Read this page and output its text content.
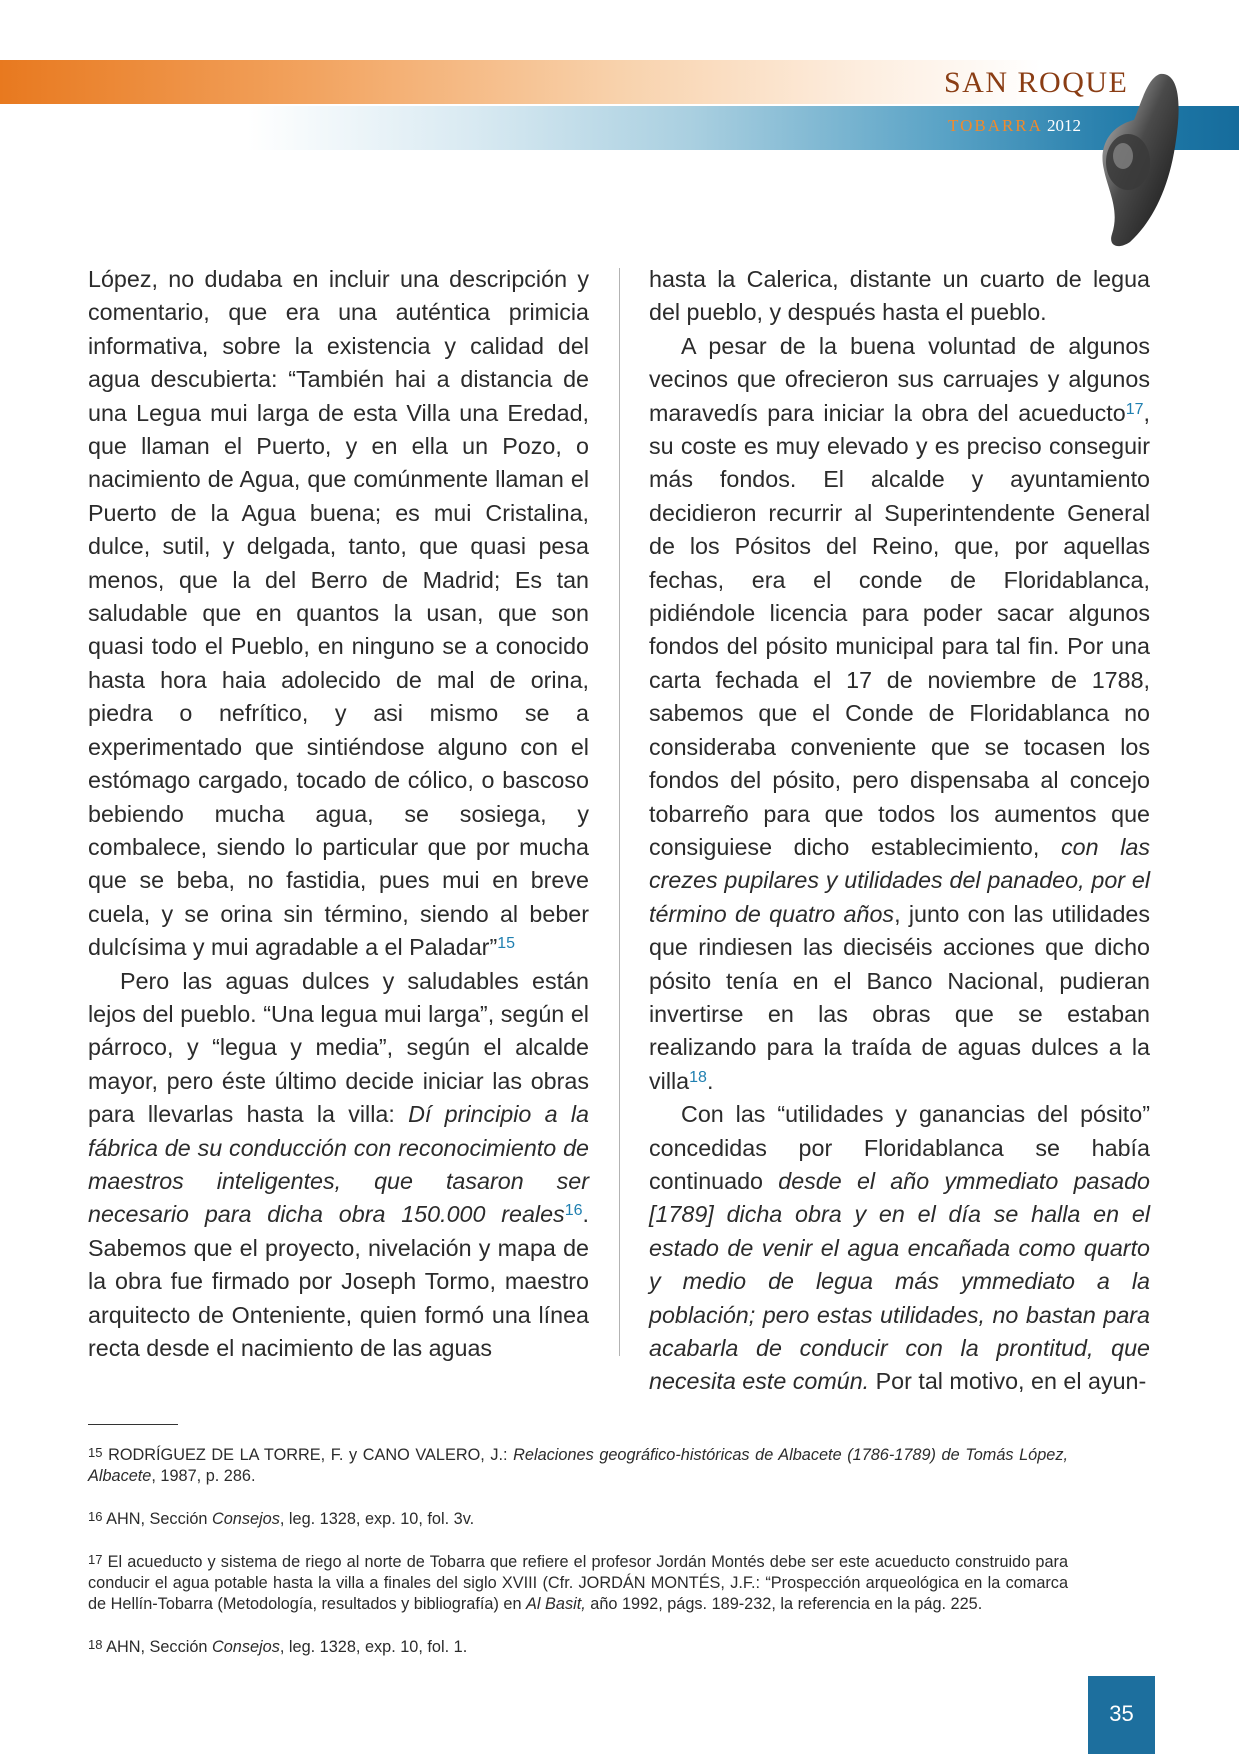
SAN ROQUE
TOBARRA 2012

López, no dudaba en incluir una descripción y comentario, que era una auténtica primicia informativa, sobre la existencia y calidad del agua descubierta: “También hai a distancia de una Legua mui larga de esta Villa una Eredad, que llaman el Puerto, y en ella un Pozo, o nacimiento de Agua, que comúnmente llaman el Puerto de la Agua buena; es mui Cristalina, dulce, sutil, y delgada, tanto, que quasi pesa menos, que la del Berro de Madrid; Es tan saludable que en quantos la usan, que son quasi todo el Pueblo, en ninguno se a conocido hasta hora haia adolecido de mal de orina, piedra o nefrítico, y asi mismo se a experimentado que sintiéndose alguno con el estómago cargado, tocado de cólico, o bascoso bebiendo mucha agua, se sosiega, y combalece, siendo lo particular que por mucha que se beba, no fastidia, pues mui en breve cuela, y se orina sin término, siendo al beber dulcísima y mui agradable a el Paladar”$^{15}$

Pero las aguas dulces y saludables están lejos del pueblo. “Una legua mui larga”, según el párroco, y “legua y media”, según el alcalde mayor, pero éste último decide iniciar las obras para llevarlas hasta la villa: Dí principio a la fábrica de su conducción con reconocimiento de maestros inteligentes, que tasaron ser necesario para dicha obra 150.000 reales$^{16}$. Sabemos que el proyecto, nivelación y mapa de la obra fue firmado por Joseph Tormo, maestro arquitecto de Onteniente, quien formó una línea recta desde el nacimiento de las aguas

hasta la Calerica, distante un cuarto de legua del pueblo, y después hasta el pueblo.

A pesar de la buena voluntad de algunos vecinos que ofrecieron sus carruajes y algunos maravedís para iniciar la obra del acueducto$^{17}$, su coste es muy elevado y es preciso conseguir más fondos. El alcalde y ayuntamiento decidieron recurrir al Superintendente General de los Pósitos del Reino, que, por aquellas fechas, era el conde de Floridablanca, pidiéndole licencia para poder sacar algunos fondos del pósito municipal para tal fin. Por una carta fechada el 17 de noviembre de 1788, sabemos que el Conde de Floridablanca no consideraba conveniente que se tocasen los fondos del pósito, pero dispensaba al concejo tobarreño para que todos los aumentos que consiguiese dicho establecimiento, con las crezes pupilares y utilidades del panadeo, por el término de quatro años, junto con las utilidades que rindiesen las dieciséis acciones que dicho pósito tenía en el Banco Nacional, pudieran invertirse en las obras que se estaban realizando para la traída de aguas dulces a la villa$^{18}$.

Con las “utilidades y ganancias del pósito” concedidas por Floridablanca se había continuado desde el año ymmediato pasado [1789] dicha obra y en el día se halla en el estado de venir el agua encañada como quarto y medio de legua más ymmediato a la población; pero estas utilidades, no bastan para acabarla de conducir con la prontitud, que necesita este común. Por tal motivo, en el ayun-

15 RODRÍGUEZ DE LA TORRE, F. y CANO VALERO, J.: Relaciones geográfico-históricas de Albacete (1786-1789) de Tomás López, Albacete, 1987, p. 286.

16 AHN, Sección Consejos, leg. 1328, exp. 10, fol. 3v.

17 El acueducto y sistema de riego al norte de Tobarra que refiere el profesor Jordán Montés debe ser este acueducto construido para conducir el agua potable hasta la villa a finales del siglo XVIII (Cfr. JORDÁN MONTÉS, J.F.: “Prospección arqueológica en la comarca de Hellín-Tobarra (Metodología, resultados y bibliografía) en Al Basit, año 1992, págs. 189-232, la referencia en la pág. 225.

18 AHN, Sección Consejos, leg. 1328, exp. 10, fol. 1.

35
